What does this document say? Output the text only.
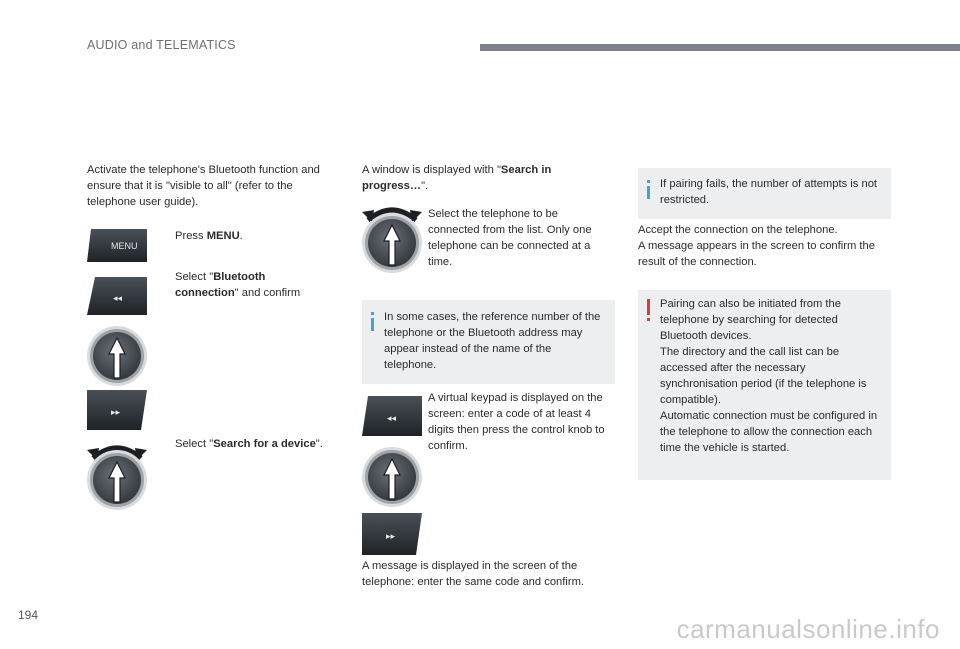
AUDIO and TELEMATICS
Activate the telephone's Bluetooth function and ensure that it is "visible to all" (refer to the telephone user guide).
MENU
Press MENU.
◂◂
Select "Bluetooth connection" and confirm
▸▸
Select "Search for a device".
A window is displayed with "Search in progress…".
Select the telephone to be connected from the list. Only one telephone can be connected at a time.
In some cases, the reference number of the telephone or the Bluetooth address may appear instead of the name of the telephone.
◂◂
A virtual keypad is displayed on the screen: enter a code of at least 4 digits then press the control knob to confirm.
▸▸
A message is displayed in the screen of the telephone: enter the same code and confirm.
If pairing fails, the number of attempts is not restricted.
Accept the connection on the telephone.
A message appears in the screen to confirm the result of the connection.
Pairing can also be initiated from the telephone by searching for detected Bluetooth devices.
The directory and the call list can be accessed after the necessary synchronisation period (if the telephone is compatible).
Automatic connection must be configured in the telephone to allow the connection each time the vehicle is started.
194	carmanualsonline.info
